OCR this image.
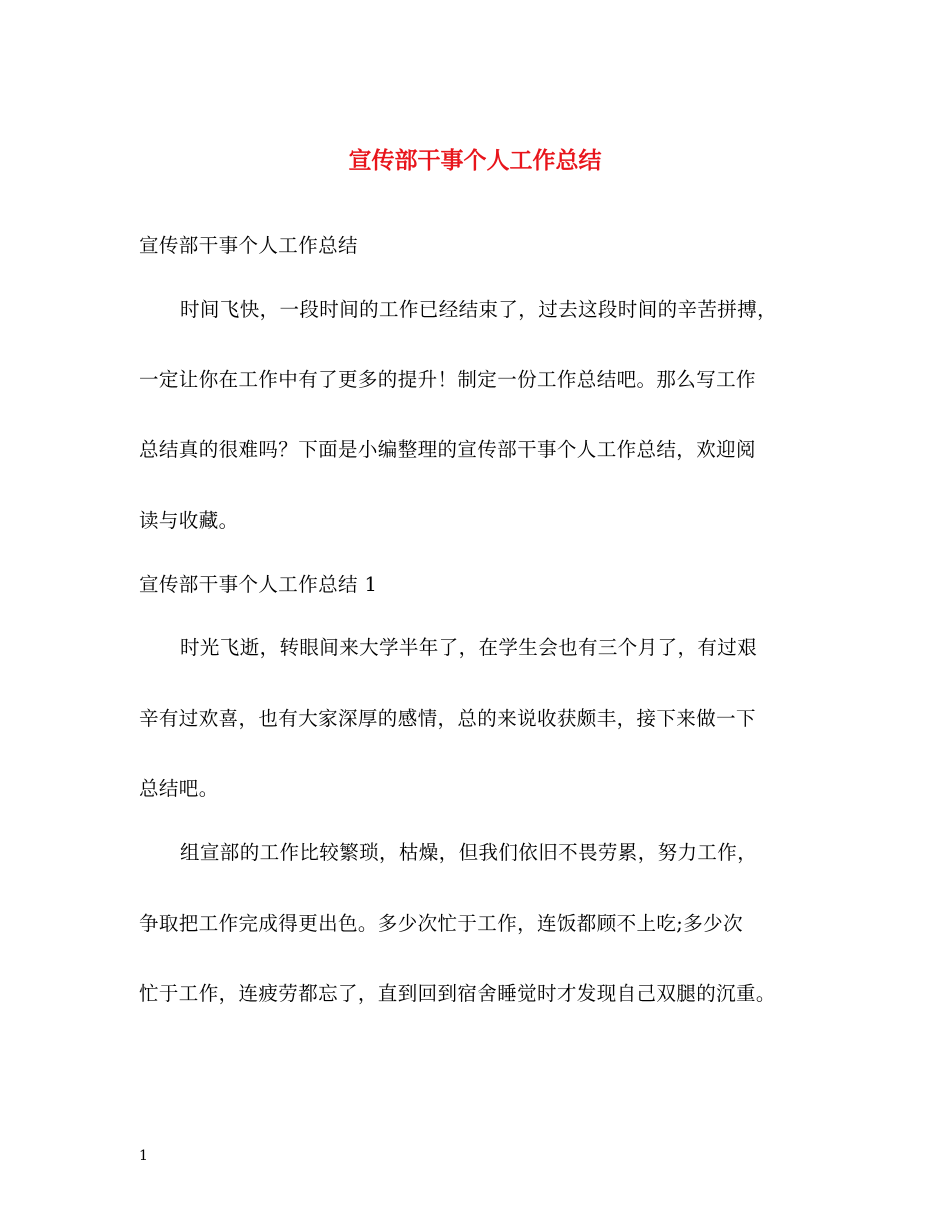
宣传部干事个人工作总结
宣传部干事个人工作总结
时间飞快，一段时间的工作已经结束了，过去这段时间的辛苦拼搏，
一定让你在工作中有了更多的提升！制定一份工作总结吧。那么写工作
总结真的很难吗？下面是小编整理的宣传部干事个人工作总结，欢迎阅
读与收藏。
宣传部干事个人工作总结 1
时光飞逝，转眼间来大学半年了，在学生会也有三个月了，有过艰
辛有过欢喜，也有大家深厚的感情，总的来说收获颇丰，接下来做一下
总结吧。
组宣部的工作比较繁琐，枯燥，但我们依旧不畏劳累，努力工作，
争取把工作完成得更出色。多少次忙于工作，连饭都顾不上吃;多少次
忙于工作，连疲劳都忘了，直到回到宿舍睡觉时才发现自己双腿的沉重。
1
